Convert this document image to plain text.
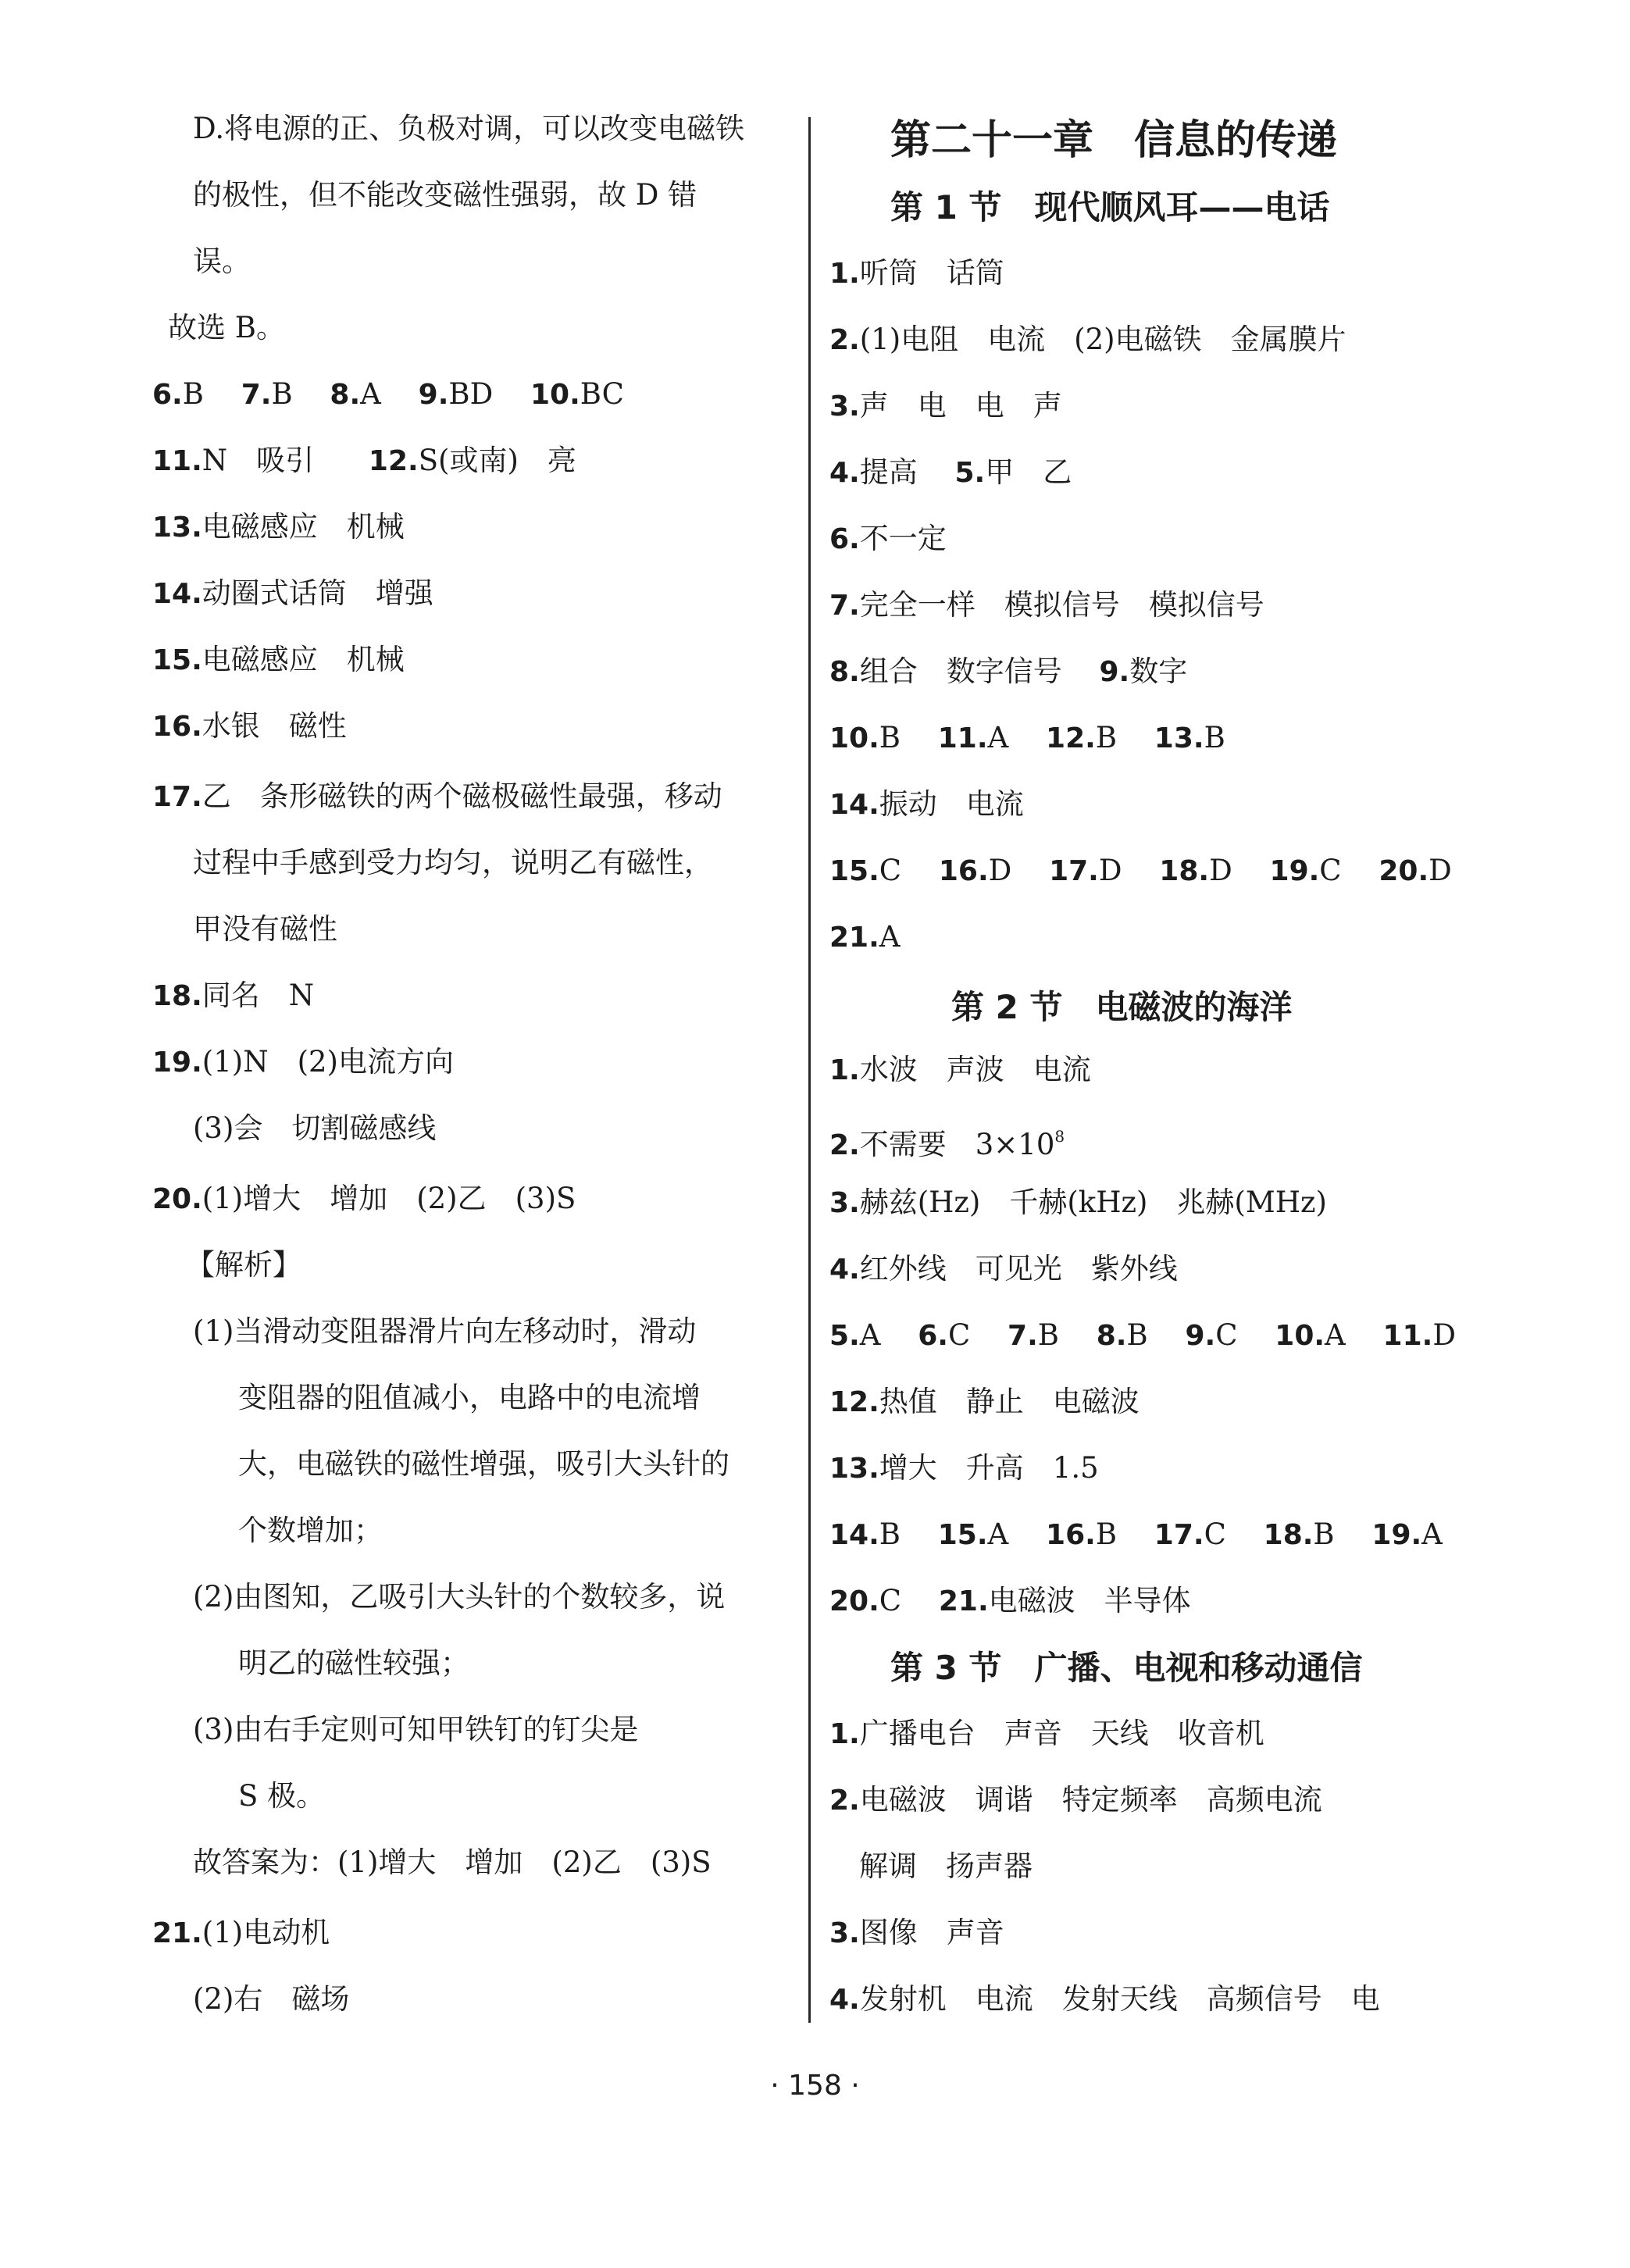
D.将电源的正、负极对调，可以改变电磁铁
的极性，但不能改变磁性强弱，故 D 错
误。
故选 B。
6.B 7.B 8.A 9.BD 10.BC
11.N　吸引 12.S(或南)　亮
13.电磁感应　机械
14.动圈式话筒　增强
15.电磁感应　机械
16.水银　磁性
17.乙　条形磁铁的两个磁极磁性最强，移动
过程中手感到受力均匀，说明乙有磁性，
甲没有磁性
18.同名　N
19.(1)N　(2)电流方向
(3)会　切割磁感线
20.(1)增大　增加　(2)乙　(3)S
【解析】
(1)当滑动变阻器滑片向左移动时，滑动
变阻器的阻值减小，电路中的电流增
大，电磁铁的磁性增强，吸引大头针的
个数增加；
(2)由图知，乙吸引大头针的个数较多，说
明乙的磁性较强；
(3)由右手定则可知甲铁钉的钉尖是
S 极。
故答案为：(1)增大　增加　(2)乙　(3)S
21.(1)电动机
(2)右　磁场
第二十一章　信息的传递
第 1 节　现代顺风耳——电话
1.听筒　话筒
2.(1)电阻　电流　(2)电磁铁　金属膜片
3.声　电　电　声
4.提高 5.甲　乙
6.不一定
7.完全一样　模拟信号　模拟信号
8.组合　数字信号 9.数字
10.B 11.A 12.B 13.B
14.振动　电流
15.C 16.D 17.D 18.D 19.C 20.D
21.A
第 2 节　电磁波的海洋
1.水波　声波　电流
2.不需要　$3\times 10^8$
3.赫兹(Hz)　千赫(kHz)　兆赫(MHz)
4.红外线　可见光　紫外线
5.A 6.C 7.B 8.B 9.C 10.A 11.D
12.热值　静止　电磁波
13.增大　升高　1.5
14.B 15.A 16.B 17.C 18.B 19.A
20.C 21.电磁波　半导体
第 3 节　广播、电视和移动通信
1.广播电台　声音　天线　收音机
2.电磁波　调谐　特定频率　高频电流
解调　扬声器
3.图像　声音
4.发射机　电流　发射天线　高频信号　电
· 158 ·
